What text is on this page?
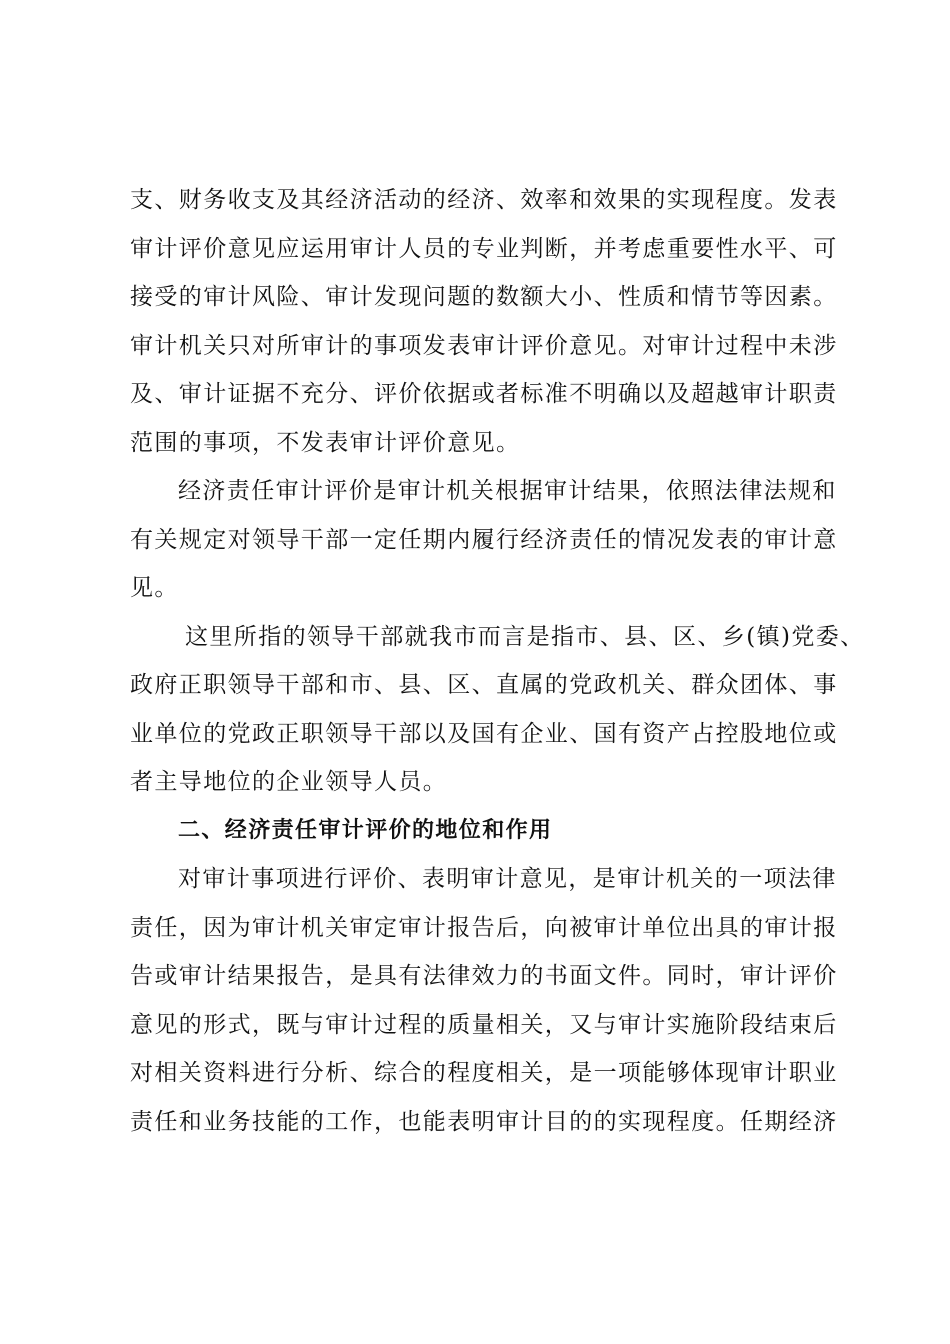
支、财务收支及其经济活动的经济、效率和效果的实现程度。发表
审计评价意见应运用审计人员的专业判断，并考虑重要性水平、可
接受的审计风险、审计发现问题的数额大小、性质和情节等因素。
审计机关只对所审计的事项发表审计评价意见。对审计过程中未涉
及、审计证据不充分、评价依据或者标准不明确以及超越审计职责
范围的事项，不发表审计评价意见。
经济责任审计评价是审计机关根据审计结果，依照法律法规和
有关规定对领导干部一定任期内履行经济责任的情况发表的审计意
见。
这里所指的领导干部就我市而言是指市、县、区、乡(镇)党委、
政府正职领导干部和市、县、区、直属的党政机关、群众团体、事
业单位的党政正职领导干部以及国有企业、国有资产占控股地位或
者主导地位的企业领导人员。
二、经济责任审计评价的地位和作用
对审计事项进行评价、表明审计意见，是审计机关的一项法律
责任，因为审计机关审定审计报告后，向被审计单位出具的审计报
告或审计结果报告，是具有法律效力的书面文件。同时，审计评价
意见的形式，既与审计过程的质量相关，又与审计实施阶段结束后
对相关资料进行分析、综合的程度相关，是一项能够体现审计职业
责任和业务技能的工作，也能表明审计目的的实现程度。任期经济
